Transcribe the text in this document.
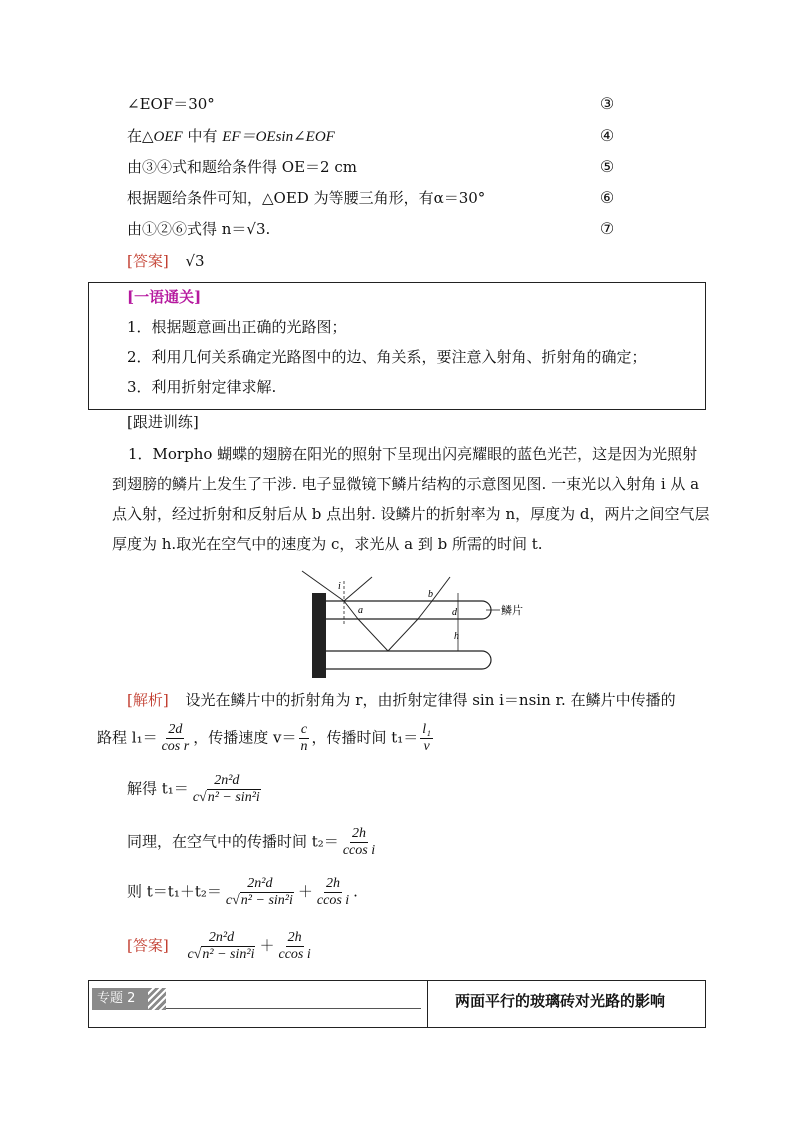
∠EOF＝30°	③
在△OEF 中有 EF＝OEsin∠EOF	④
由③④式和题给条件得 OE＝2 cm	⑤
根据题给条件可知，△OED 为等腰三角形，有α＝30°	⑥
由①②⑥式得 n＝√3.	⑦
[答案] √3
[一语通关]
1．根据题意画出正确的光路图；
2．利用几何关系确定光路图中的边、角关系，要注意入射角、折射角的确定；
3．利用折射定律求解.
[跟进训练]
1．Morpho 蝴蝶的翅膀在阳光的照射下呈现出闪亮耀眼的蓝色光芒，这是因为光照射到翅膀的鳞片上发生了干涉. 电子显微镜下鳞片结构的示意图见图. 一束光以入射角 i 从 a 点入射，经过折射和反射后从 b 点出射. 设鳞片的折射率为 n，厚度为 d，两片之间空气层厚度为 h.取光在空气中的速度为 c，求光从 a 到 b 所需的时间 t.
i
a
b
d
h
鳞片
[解析] 设光在鳞片中的折射角为 r，由折射定律得 sin i＝nsin r. 在鳞片中传播的
路程 $l_1= \frac{2d}{\text{cos r}}$ ，传播速度 $v= \frac{c}{n}$ ，传播时间 $t_1= \frac{\text{l₁}}{v}$
解得 $t_1= \frac{\text{2n²d}}{\text{c√n² − sin²i}}$
同理，在空气中的传播时间 $t_2= \frac{2h}{\text{ccos i}}$
则 $t=t_1+t_2= \frac{\text{2n²d}}{\text{c√n² − sin²i}} + \frac{2h}{\text{ccos i}}$ .
[答案] $\frac{\text{2n²d}}{\text{c√n² − sin²i}} + \frac{2h}{\text{ccos i}}$
专题 2	两面平行的玻璃砖对光路的影响
